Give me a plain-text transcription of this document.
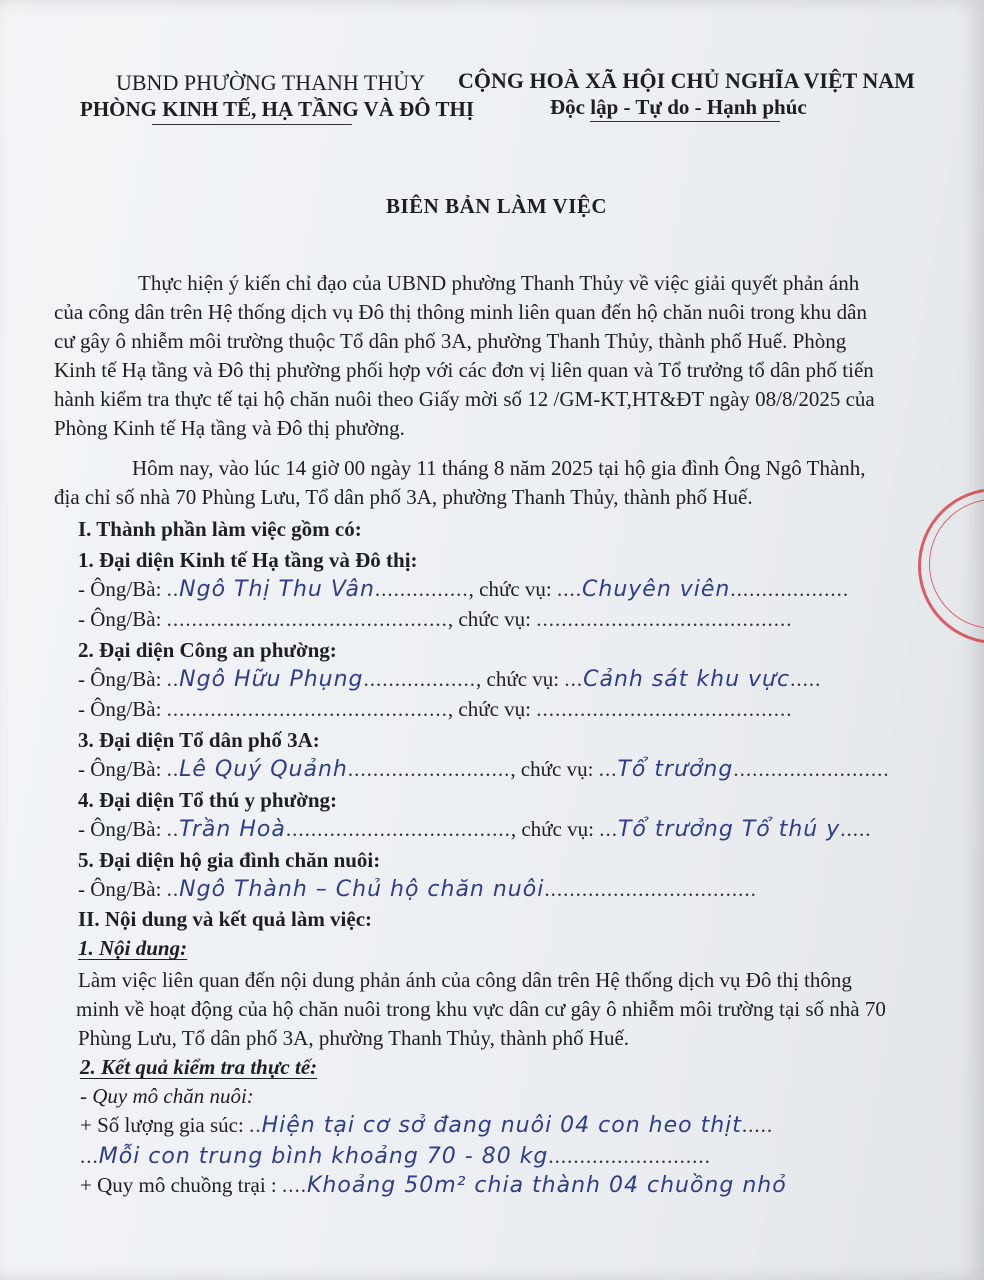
UBND PHƯỜNG THANH THỦY
PHÒNG KINH TẾ, HẠ TẦNG VÀ ĐÔ THỊ
CỘNG HOÀ XÃ HỘI CHỦ NGHĨA VIỆT NAM
Độc lập - Tự do - Hạnh phúc
BIÊN BẢN LÀM VIỆC
Thực hiện ý kiến chỉ đạo của UBND phường Thanh Thủy về việc giải quyết phản ánh
của công dân trên Hệ thống dịch vụ Đô thị thông minh liên quan đến hộ chăn nuôi trong khu dân
cư gây ô nhiễm môi trường thuộc Tổ dân phố 3A, phường Thanh Thủy, thành phố Huế. Phòng
Kinh tế Hạ tầng và Đô thị phường phối hợp với các đơn vị liên quan và Tổ trưởng tổ dân phố tiến
hành kiểm tra thực tế tại hộ chăn nuôi theo Giấy mời số 12 /GM-KT,HT&ĐT ngày 08/8/2025 của
Phòng Kinh tế Hạ tầng và Đô thị phường.
Hôm nay, vào lúc 14 giờ 00 ngày 11 tháng 8 năm 2025 tại hộ gia đình Ông Ngô Thành,
địa chỉ số nhà 70 Phùng Lưu, Tổ dân phố 3A, phường Thanh Thủy, thành phố Huế.
I. Thành phần làm việc gồm có:
1. Đại diện Kinh tế Hạ tầng và Đô thị:
- Ông/Bà: ..Ngô Thị Thu Vân..............., chức vụ: ....Chuyên viên...................
- Ông/Bà: ............................................., chức vụ: .........................................
2. Đại diện Công an phường:
- Ông/Bà: ..Ngô Hữu Phụng.................., chức vụ: ...Cảnh sát khu vực.....
- Ông/Bà: ............................................., chức vụ: .........................................
3. Đại diện Tổ dân phố 3A:
- Ông/Bà: ..Lê Quý Quảnh.........................., chức vụ: ...Tổ trưởng.........................
4. Đại diện Tổ thú y phường:
- Ông/Bà: ..Trần Hoà...................................., chức vụ: ...Tổ trưởng Tổ thú y.....
5. Đại diện hộ gia đình chăn nuôi:
- Ông/Bà: ..Ngô Thành – Chủ hộ chăn nuôi..................................
II. Nội dung và kết quả làm việc:
1. Nội dung:
Làm việc liên quan đến nội dung phản ánh của công dân trên Hệ thống dịch vụ Đô thị thông
minh về hoạt động của hộ chăn nuôi trong khu vực dân cư gây ô nhiễm môi trường tại số nhà 70
Phùng Lưu, Tổ dân phố 3A, phường Thanh Thủy, thành phố Huế.
2. Kết quả kiểm tra thực tế:
- Quy mô chăn nuôi:
+ Số lượng gia súc: ..Hiện tại cơ sở đang nuôi 04 con heo thịt.....
...Mỗi con trung bình khoảng 70 - 80 kg..........................
+ Quy mô chuồng trại : ....Khoảng 50m² chia thành 04 chuồng nhỏ
